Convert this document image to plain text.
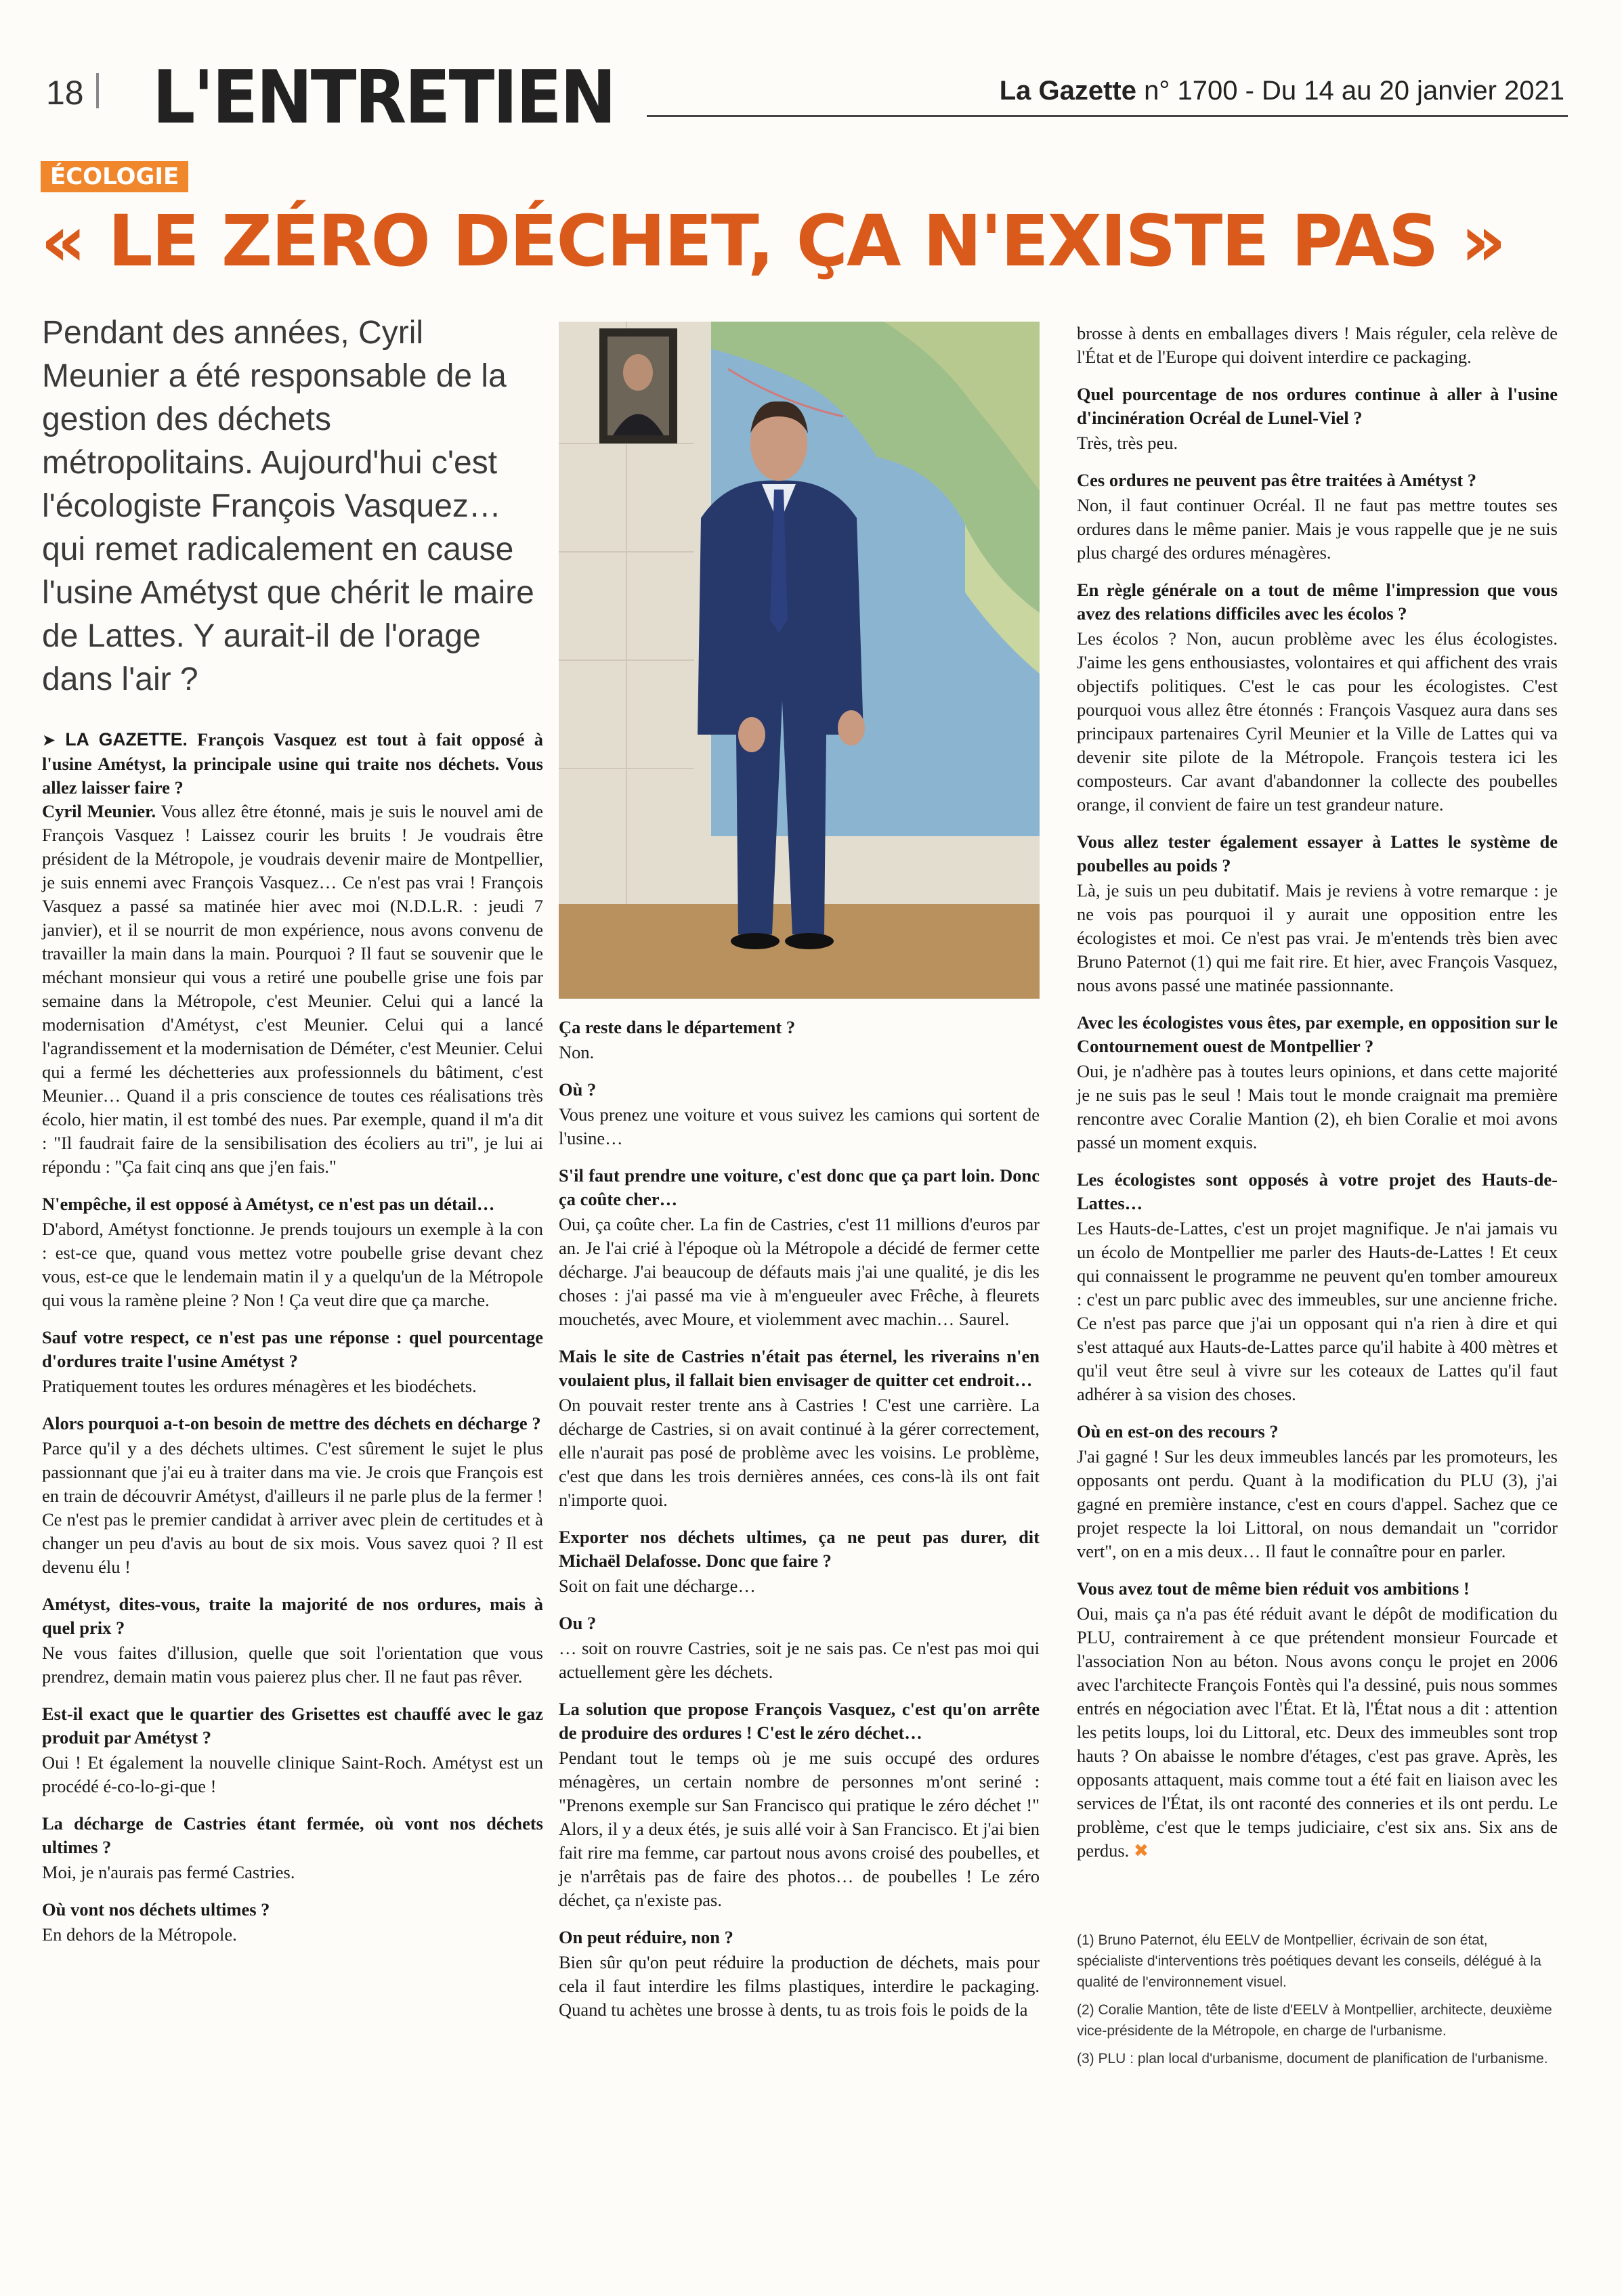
18 L'ENTRETIEN	La Gazette n° 1700 - Du 14 au 20 janvier 2021
ÉCOLOGIE
« LE ZÉRO DÉCHET, ÇA N'EXISTE PAS »
Pendant des années, Cyril Meunier a été responsable de la gestion des déchets métropolitains. Aujourd'hui c'est l'écologiste François Vasquez… qui remet radicalement en cause l'usine Amétyst que chérit le maire de Lattes. Y aurait-il de l'orage dans l'air ?

➤ LA GAZETTE. François Vasquez est tout à fait opposé à l'usine Amétyst, la principale usine qui traite nos déchets. Vous allez laisser faire ?
Cyril Meunier. Vous allez être étonné, mais je suis le nouvel ami de François Vasquez ! Laissez courir les bruits ! Je voudrais être président de la Métropole, je voudrais devenir maire de Montpellier, je suis ennemi avec François Vasquez… Ce n'est pas vrai ! François Vasquez a passé sa matinée hier avec moi (N.D.L.R. : jeudi 7 janvier), et il se nourrit de mon expérience, nous avons convenu de travailler la main dans la main. Pourquoi ? Il faut se souvenir que le méchant monsieur qui vous a retiré une poubelle grise une fois par semaine dans la Métropole, c'est Meunier. Celui qui a lancé la modernisation d'Amétyst, c'est Meunier. Celui qui a lancé l'agrandissement et la modernisation de Déméter, c'est Meunier. Celui qui a fermé les déchetteries aux professionnels du bâtiment, c'est Meunier… Quand il a pris conscience de toutes ces réalisations très écolo, hier matin, il est tombé des nues. Par exemple, quand il m'a dit : "Il faudrait faire de la sensibilisation des écoliers au tri", je lui ai répondu : "Ça fait cinq ans que j'en fais."

N'empêche, il est opposé à Amétyst, ce n'est pas un détail…

D'abord, Amétyst fonctionne. Je prends toujours un exemple à la con : est-ce que, quand vous mettez votre poubelle grise devant chez vous, est-ce que le lendemain matin il y a quelqu'un de la Métropole qui vous la ramène pleine ? Non ! Ça veut dire que ça marche.

Sauf votre respect, ce n'est pas une réponse : quel pourcentage d'ordures traite l'usine Amétyst ?

Pratiquement toutes les ordures ménagères et les biodéchets.

Alors pourquoi a-t-on besoin de mettre des déchets en décharge ?

Parce qu'il y a des déchets ultimes. C'est sûrement le sujet le plus passionnant que j'ai eu à traiter dans ma vie. Je crois que François est en train de découvrir Amétyst, d'ailleurs il ne parle plus de la fermer ! Ce n'est pas le premier candidat à arriver avec plein de certitudes et à changer un peu d'avis au bout de six mois. Vous savez quoi ? Il est devenu élu !

Amétyst, dites-vous, traite la majorité de nos ordures, mais à quel prix ?

Ne vous faites d'illusion, quelle que soit l'orientation que vous prendrez, demain matin vous paierez plus cher. Il ne faut pas rêver.

Est-il exact que le quartier des Grisettes est chauffé avec le gaz produit par Amétyst ?

Oui ! Et également la nouvelle clinique Saint-Roch. Amétyst est un procédé é-co-lo-gi-que !

La décharge de Castries étant fermée, où vont nos déchets ultimes ?

Moi, je n'aurais pas fermé Castries.

Où vont nos déchets ultimes ?

En dehors de la Métropole.

Ça reste dans le département ?

Non.

Où ?

Vous prenez une voiture et vous suivez les camions qui sortent de l'usine…

S'il faut prendre une voiture, c'est donc que ça part loin. Donc ça coûte cher…

Oui, ça coûte cher. La fin de Castries, c'est 11 millions d'euros par an. Je l'ai crié à l'époque où la Métropole a décidé de fermer cette décharge. J'ai beaucoup de défauts mais j'ai une qualité, je dis les choses : j'ai passé ma vie à m'engueuler avec Frêche, à fleurets mouchetés, avec Moure, et violemment avec machin… Saurel.

Mais le site de Castries n'était pas éternel, les riverains n'en voulaient plus, il fallait bien envisager de quitter cet endroit…

On pouvait rester trente ans à Castries ! C'est une carrière. La décharge de Castries, si on avait continué à la gérer correctement, elle n'aurait pas posé de problème avec les voisins. Le problème, c'est que dans les trois dernières années, ces cons-là ils ont fait n'importe quoi.

Exporter nos déchets ultimes, ça ne peut pas durer, dit Michaël Delafosse. Donc que faire ?

Soit on fait une décharge…

Ou ?

… soit on rouvre Castries, soit je ne sais pas. Ce n'est pas moi qui actuellement gère les déchets.

La solution que propose François Vasquez, c'est qu'on arrête de produire des ordures ! C'est le zéro déchet…

Pendant tout le temps où je me suis occupé des ordures ménagères, un certain nombre de personnes m'ont seriné : "Prenons exemple sur San Francisco qui pratique le zéro déchet !" Alors, il y a deux étés, je suis allé voir à San Francisco. Et j'ai bien fait rire ma femme, car partout nous avons croisé des poubelles, et je n'arrêtais pas de faire des photos… de poubelles ! Le zéro déchet, ça n'existe pas.

On peut réduire, non ?

Bien sûr qu'on peut réduire la production de déchets, mais pour cela il faut interdire les films plastiques, interdire le packaging. Quand tu achètes une brosse à dents, tu as trois fois le poids de la

brosse à dents en emballages divers ! Mais réguler, cela relève de l'État et de l'Europe qui doivent interdire ce packaging.

Quel pourcentage de nos ordures continue à aller à l'usine d'incinération Ocréal de Lunel-Viel ?

Très, très peu.

Ces ordures ne peuvent pas être traitées à Amétyst ?

Non, il faut continuer Ocréal. Il ne faut pas mettre toutes ses ordures dans le même panier. Mais je vous rappelle que je ne suis plus chargé des ordures ménagères.

En règle générale on a tout de même l'impression que vous avez des relations difficiles avec les écolos ?

Les écolos ? Non, aucun problème avec les élus écologistes. J'aime les gens enthousiastes, volontaires et qui affichent des vrais objectifs politiques. C'est le cas pour les écologistes. C'est pourquoi vous allez être étonnés : François Vasquez aura dans ses principaux partenaires Cyril Meunier et la Ville de Lattes qui va devenir site pilote de la Métropole. François testera ici les composteurs. Car avant d'abandonner la collecte des poubelles orange, il convient de faire un test grandeur nature.

Vous allez tester également essayer à Lattes le système de poubelles au poids ?

Là, je suis un peu dubitatif. Mais je reviens à votre remarque : je ne vois pas pourquoi il y aurait une opposition entre les écologistes et moi. Ce n'est pas vrai. Je m'entends très bien avec Bruno Paternot (1) qui me fait rire. Et hier, avec François Vasquez, nous avons passé une matinée passionnante.

Avec les écologistes vous êtes, par exemple, en opposition sur le Contournement ouest de Montpellier ?

Oui, je n'adhère pas à toutes leurs opinions, et dans cette majorité je ne suis pas le seul ! Mais tout le monde craignait ma première rencontre avec Coralie Mantion (2), eh bien Coralie et moi avons passé un moment exquis.

Les écologistes sont opposés à votre projet des Hauts-de-Lattes…

Les Hauts-de-Lattes, c'est un projet magnifique. Je n'ai jamais vu un écolo de Montpellier me parler des Hauts-de-Lattes ! Et ceux qui connaissent le programme ne peuvent qu'en tomber amoureux : c'est un parc public avec des immeubles, sur une ancienne friche. Ce n'est pas parce que j'ai un opposant qui n'a rien à dire et qui s'est attaqué aux Hauts-de-Lattes parce qu'il habite à 400 mètres et qu'il veut être seul à vivre sur les coteaux de Lattes qu'il faut adhérer à sa vision des choses.

Où en est-on des recours ?

J'ai gagné ! Sur les deux immeubles lancés par les promoteurs, les opposants ont perdu. Quant à la modification du PLU (3), j'ai gagné en première instance, c'est en cours d'appel. Sachez que ce projet respecte la loi Littoral, on nous demandait un "corridor vert", on en a mis deux… Il faut le connaître pour en parler.

Vous avez tout de même bien réduit vos ambitions !

Oui, mais ça n'a pas été réduit avant le dépôt de modification du PLU, contrairement à ce que prétendent monsieur Fourcade et l'association Non au béton. Nous avons conçu le projet en 2006 avec l'architecte François Fontès qui l'a dessiné, puis nous sommes entrés en négociation avec l'État. Et là, l'État nous a dit : attention les petits loups, loi du Littoral, etc. Deux des immeubles sont trop hauts ? On abaisse le nombre d'étages, c'est pas grave. Après, les opposants attaquent, mais comme tout a été fait en liaison avec les services de l'État, ils ont raconté des conneries et ils ont perdu. Le problème, c'est que le temps judiciaire, c'est six ans. Six ans de perdus. ✖

(1) Bruno Paternot, élu EELV de Montpellier, écrivain de son état, spécialiste d'interventions très poétiques devant les conseils, délégué à la qualité de l'environnement visuel.

(2) Coralie Mantion, tête de liste d'EELV à Montpellier, architecte, deuxième vice-présidente de la Métropole, en charge de l'urbanisme.

(3) PLU : plan local d'urbanisme, document de planification de l'urbanisme.
